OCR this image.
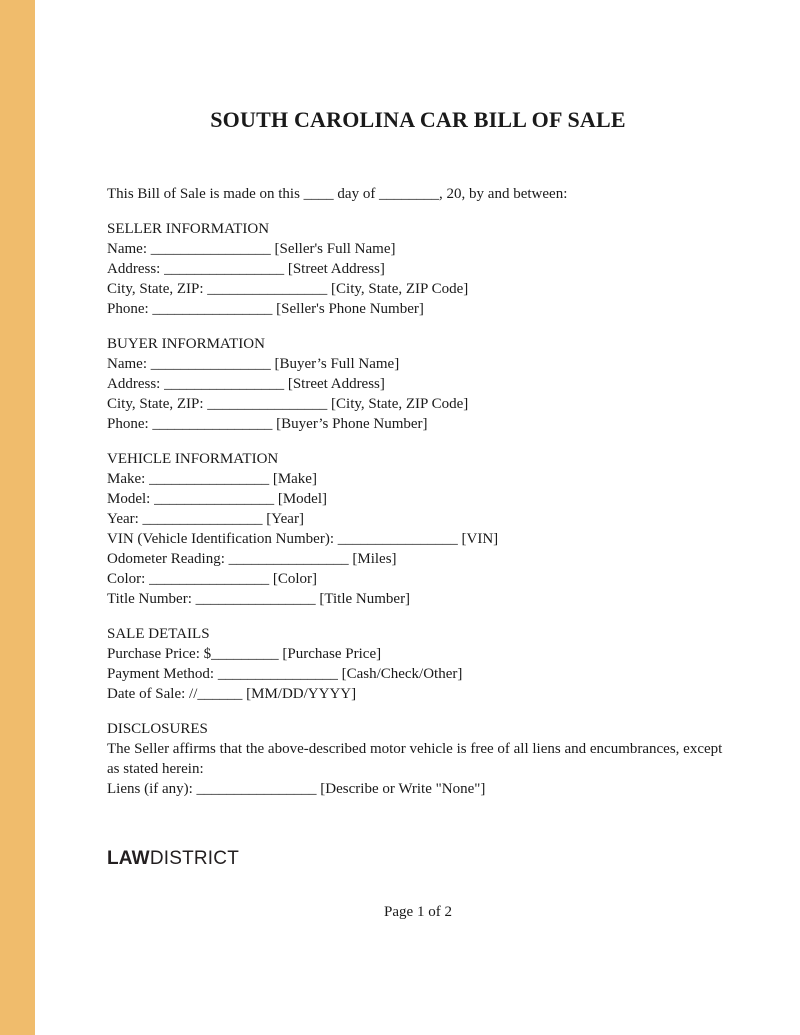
SOUTH CAROLINA CAR BILL OF SALE

This Bill of Sale is made on this ____ day of ________, 20, by and between:

SELLER INFORMATION
Name: ________________ [Seller's Full Name]
Address: ________________ [Street Address]
City, State, ZIP: ________________ [City, State, ZIP Code]
Phone: ________________ [Seller's Phone Number]
BUYER INFORMATION
Name: ________________ [Buyer’s Full Name]
Address: ________________ [Street Address]
City, State, ZIP: ________________ [City, State, ZIP Code]
Phone: ________________ [Buyer’s Phone Number]
VEHICLE INFORMATION
Make: ________________ [Make]
Model: ________________ [Model]
Year: ________________ [Year]
VIN (Vehicle Identification Number): ________________ [VIN]
Odometer Reading: ________________ [Miles]
Color: ________________ [Color]
Title Number: ________________ [Title Number]
SALE DETAILS
Purchase Price: $_________ [Purchase Price]
Payment Method: ________________ [Cash/Check/Other]
Date of Sale: //______ [MM/DD/YYYY]
DISCLOSURES
The Seller affirms that the above-described motor vehicle is free of all liens and encumbrances, except as stated herein:
Liens (if any): ________________ [Describe or Write "None"]
LAWDISTRICT
Page 1 of 2
